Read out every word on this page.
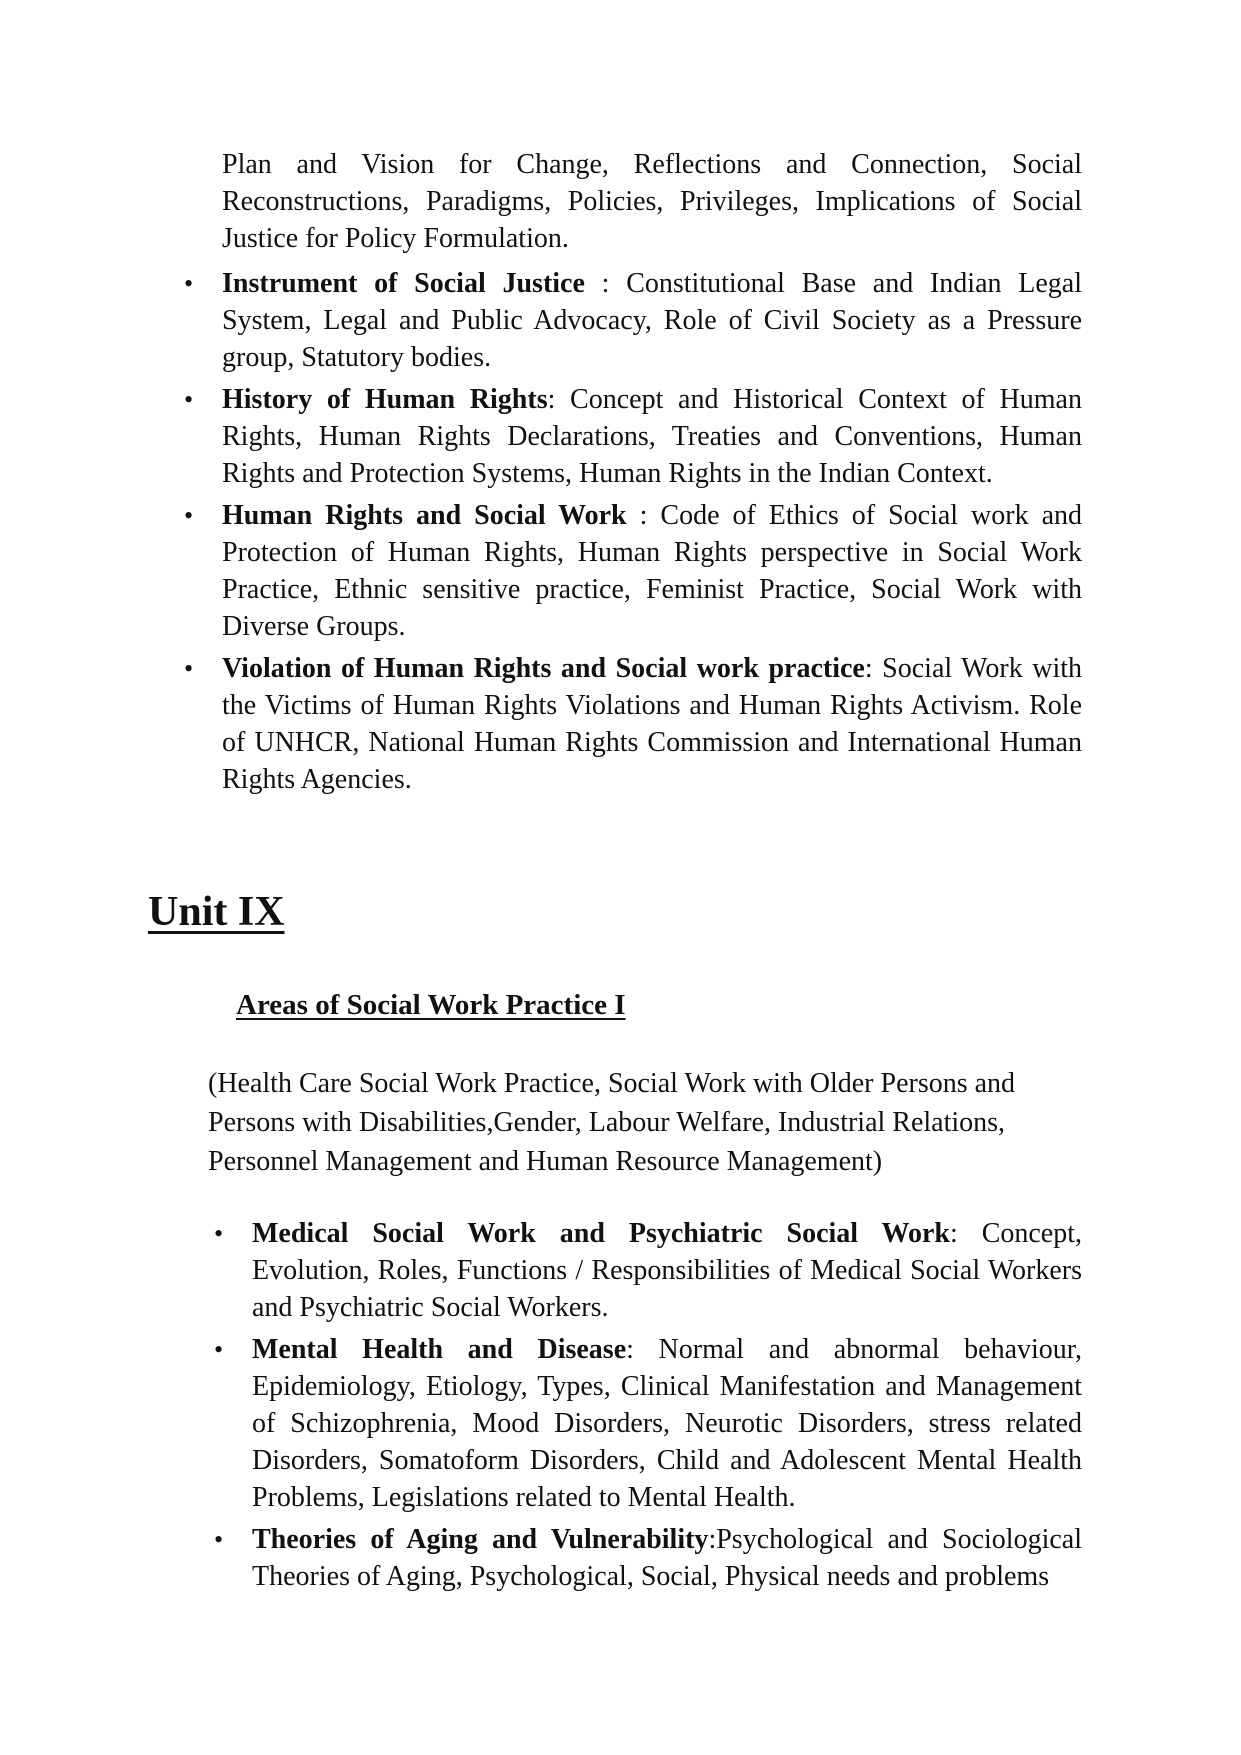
Plan and Vision for Change, Reflections and Connection, Social Reconstructions, Paradigms, Policies, Privileges, Implications of Social Justice for Policy Formulation.

• Instrument of Social Justice : Constitutional Base and Indian Legal System, Legal and Public Advocacy, Role of Civil Society as a Pressure group, Statutory bodies.
• History of Human Rights: Concept and Historical Context of Human Rights, Human Rights Declarations, Treaties and Conventions, Human Rights and Protection Systems, Human Rights in the Indian Context.
• Human Rights and Social Work : Code of Ethics of Social work and Protection of Human Rights, Human Rights perspective in Social Work Practice, Ethnic sensitive practice, Feminist Practice, Social Work with Diverse Groups.
• Violation of Human Rights and Social work practice: Social Work with the Victims of Human Rights Violations and Human Rights Activism. Role of UNHCR, National Human Rights Commission and International Human Rights Agencies.
Unit IX
Areas of Social Work Practice I

(Health Care Social Work Practice, Social Work with Older Persons and
Persons with Disabilities,Gender, Labour Welfare, Industrial Relations,
Personnel Management and Human Resource Management)

• Medical Social Work and Psychiatric Social Work: Concept, Evolution, Roles, Functions / Responsibilities of Medical Social Workers and Psychiatric Social Workers.
• Mental Health and Disease: Normal and abnormal behaviour, Epidemiology, Etiology, Types, Clinical Manifestation and Management of Schizophrenia, Mood Disorders, Neurotic Disorders, stress related Disorders, Somatoform Disorders, Child and Adolescent Mental Health Problems, Legislations related to Mental Health.
• Theories of Aging and Vulnerability:Psychological and Sociological Theories of Aging, Psychological, Social, Physical needs and problems
